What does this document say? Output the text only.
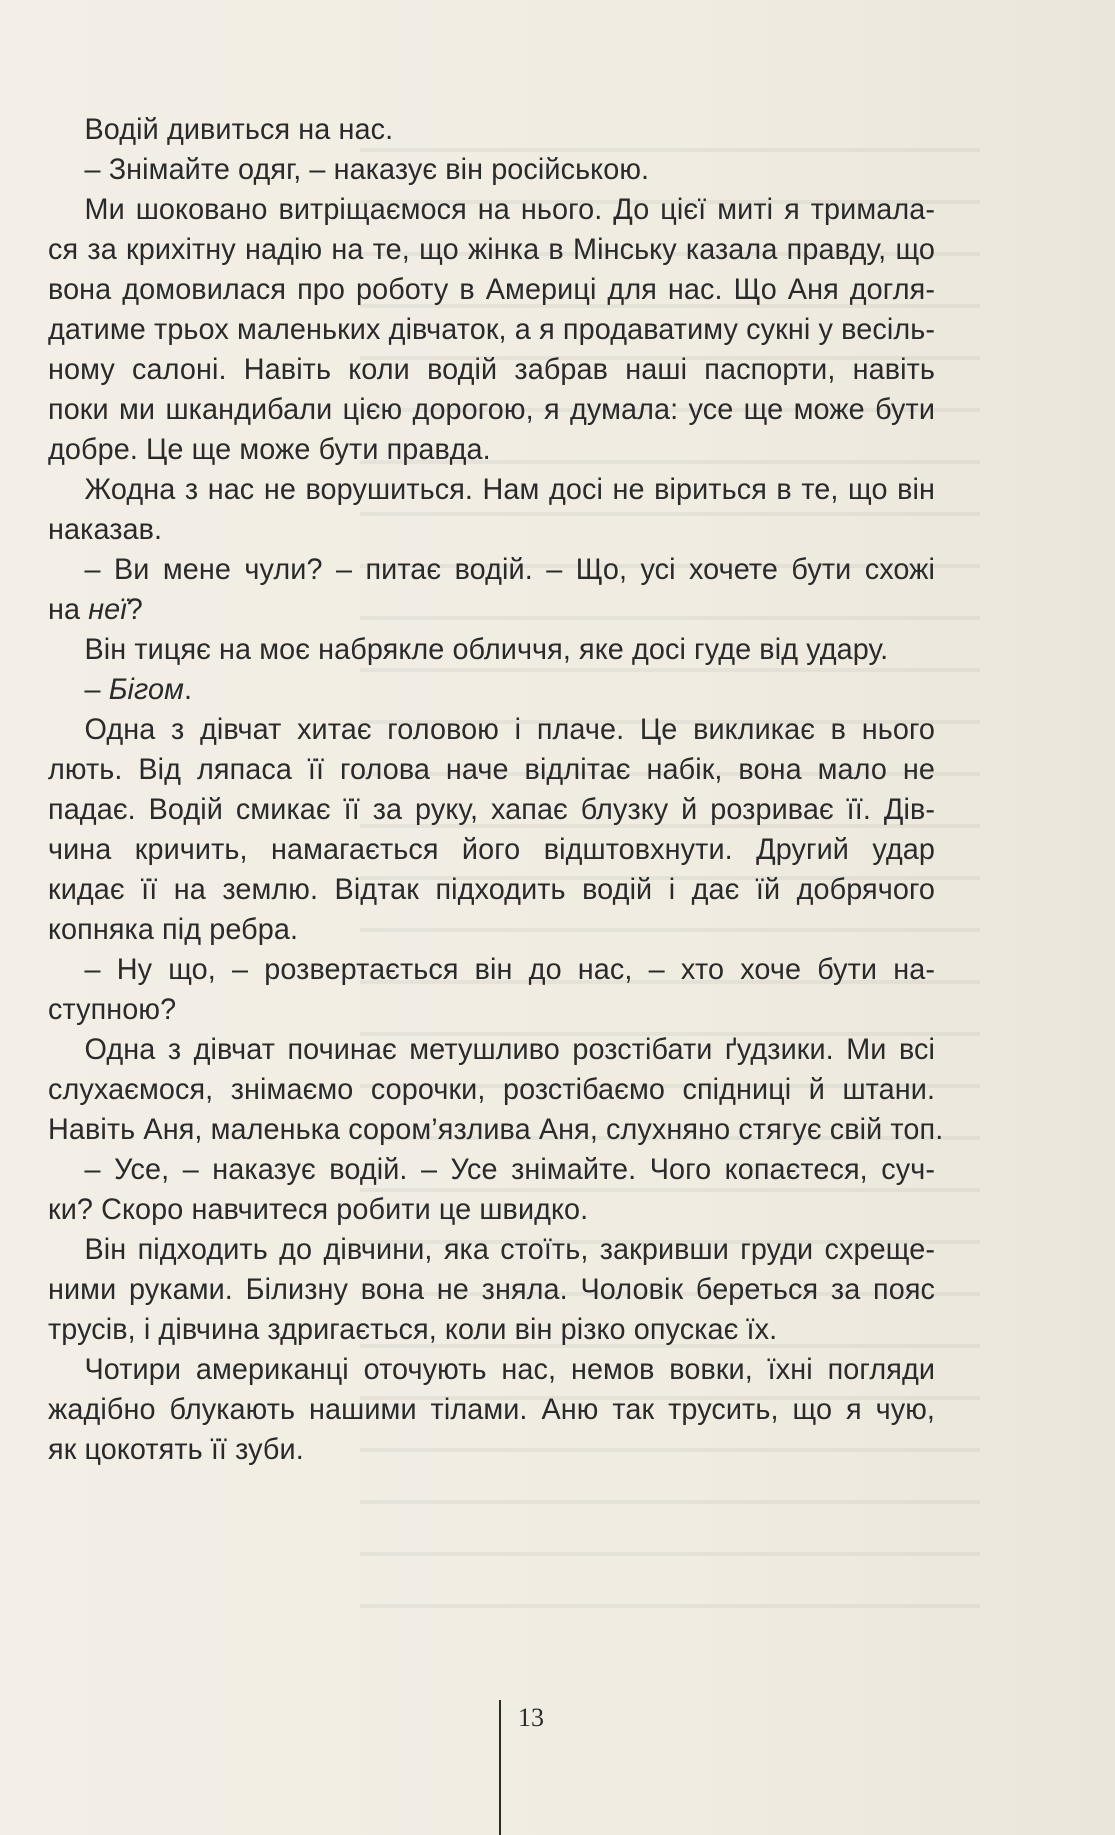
Водій дивиться на нас.
– Знімайте одяг, – наказує він російською.
Ми шоковано витріщаємося на нього. До цієї миті я тримала-
ся за крихітну надію на те, що жінка в Мінську казала правду, що
вона домовилася про роботу в Америці для нас. Що Аня догля-
датиме трьох маленьких дівчаток, а я продаватиму сукні у весіль-
ному салоні. Навіть коли водій забрав наші паспорти, навіть
поки ми шкандибали цією дорогою, я думала: усе ще може бути
добре. Це ще може бути правда.
Жодна з нас не ворушиться. Нам досі не віриться в те, що він
наказав.
– Ви мене чули? – питає водій. – Що, усі хочете бути схожі
на неї?
Він тицяє на моє набрякле обличчя, яке досі гуде від удару.
– Бігом.
Одна з дівчат хитає головою і плаче. Це викликає в нього
лють. Від ляпаса її голова наче відлітає набік, вона мало не
падає. Водій смикає її за руку, хапає блузку й розриває її. Дів-
чина кричить, намагається його відштовхнути. Другий удар
кидає її на землю. Відтак підходить водій і дає їй добрячого
копняка під ребра.
– Ну що, – розвертається він до нас, – хто хоче бути на-
ступною?
Одна з дівчат починає метушливо розстібати ґудзики. Ми всі
слухаємося, знімаємо сорочки, розстібаємо спідниці й штани.
Навіть Аня, маленька сором’язлива Аня, слухняно стягує свій топ.
– Усе, – наказує водій. – Усе знімайте. Чого копаєтеся, суч-
ки? Скоро навчитеся робити це швидко.
Він підходить до дівчини, яка стоїть, закривши груди схреще-
ними руками. Білизну вона не зняла. Чоловік береться за пояс
трусів, і дівчина здригається, коли він різко опускає їх.
Чотири американці оточують нас, немов вовки, їхні погляди
жадібно блукають нашими тілами. Аню так трусить, що я чую,
як цокотять її зуби.
13
